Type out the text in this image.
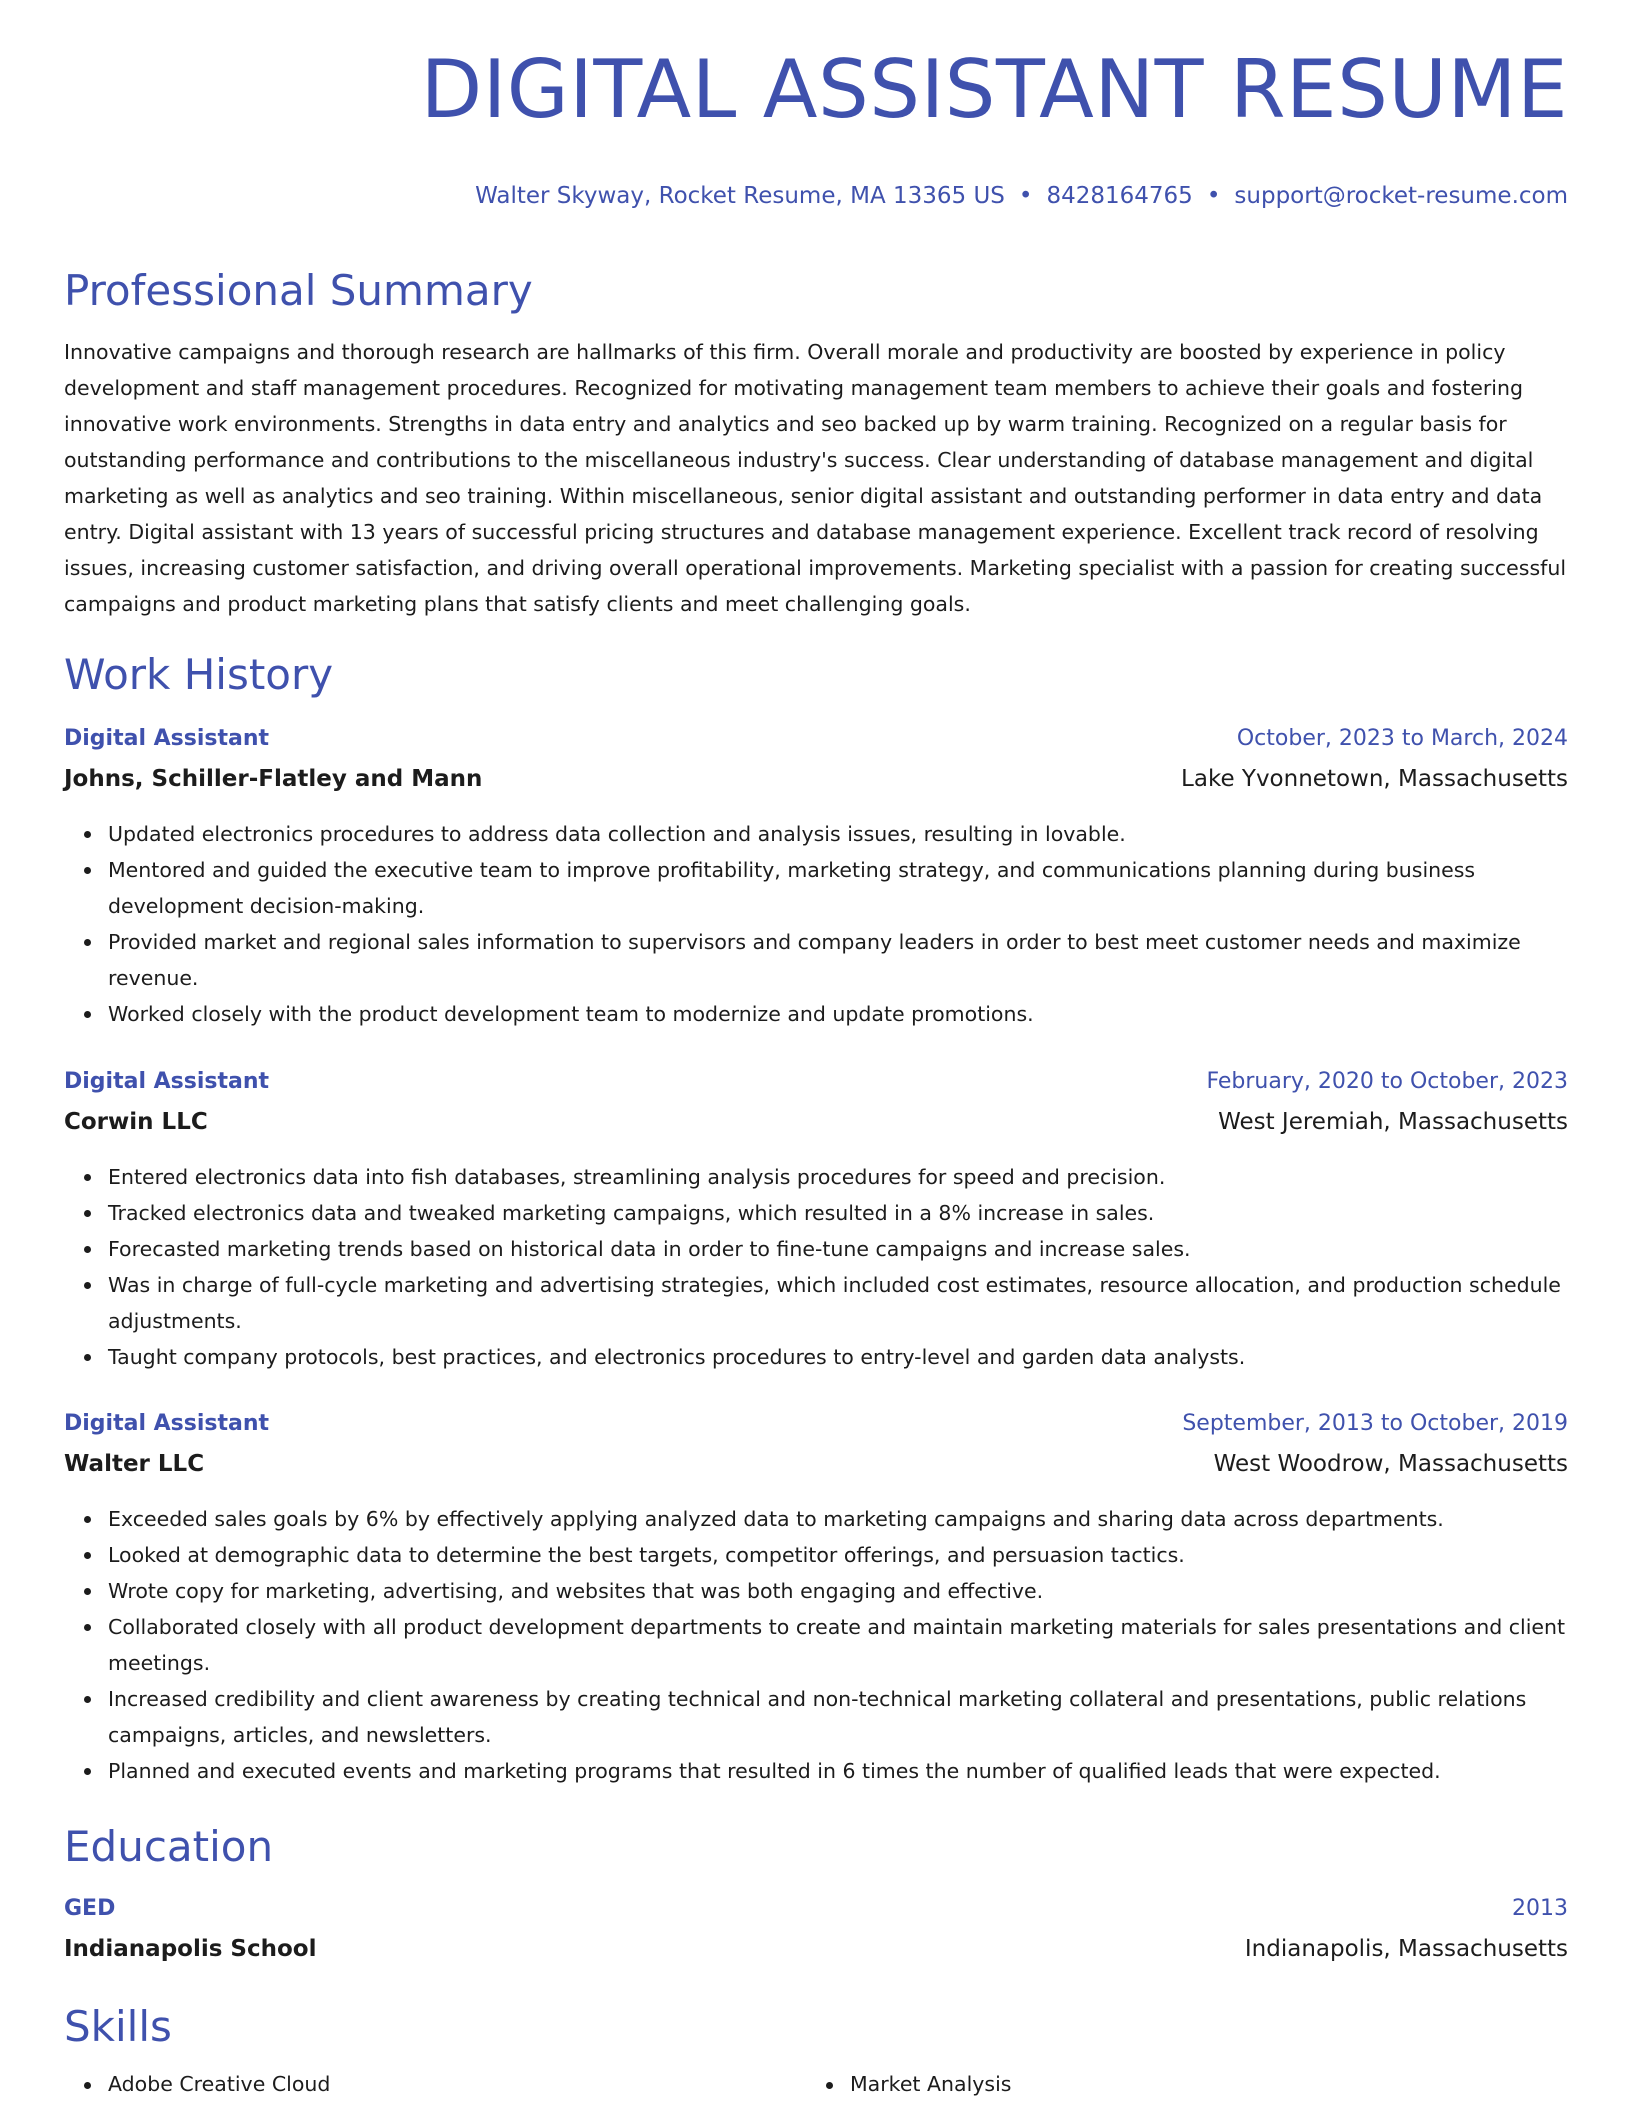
DIGITAL ASSISTANT RESUME
Walter Skyway, Rocket Resume, MA 13365 US • 8428164765 • support@rocket-resume.com
Professional Summary

Innovative campaigns and thorough research are hallmarks of this firm. Overall morale and productivity are boosted by experience in policy development and staff management procedures. Recognized for motivating management team members to achieve their goals and fostering innovative work environments. Strengths in data entry and analytics and seo backed up by warm training. Recognized on a regular basis for outstanding performance and contributions to the miscellaneous industry's success. Clear understanding of database management and digital marketing as well as analytics and seo training. Within miscellaneous, senior digital assistant and outstanding performer in data entry and data entry. Digital assistant with 13 years of successful pricing structures and database management experience. Excellent track record of resolving issues, increasing customer satisfaction, and driving overall operational improvements. Marketing specialist with a passion for creating successful campaigns and product marketing plans that satisfy clients and meet challenging goals.

Work History
Digital Assistant	October, 2023 to March, 2024
Johns, Schiller-Flatley and Mann	Lake Yvonnetown, Massachusetts
Updated electronics procedures to address data collection and analysis issues, resulting in lovable.
Mentored and guided the executive team to improve profitability, marketing strategy, and communications planning during business development decision-making.
Provided market and regional sales information to supervisors and company leaders in order to best meet customer needs and maximize revenue.
Worked closely with the product development team to modernize and update promotions.
Digital Assistant	February, 2020 to October, 2023
Corwin LLC	West Jeremiah, Massachusetts
Entered electronics data into fish databases, streamlining analysis procedures for speed and precision.
Tracked electronics data and tweaked marketing campaigns, which resulted in a 8% increase in sales.
Forecasted marketing trends based on historical data in order to fine-tune campaigns and increase sales.
Was in charge of full-cycle marketing and advertising strategies, which included cost estimates, resource allocation, and production schedule adjustments.
Taught company protocols, best practices, and electronics procedures to entry-level and garden data analysts.
Digital Assistant	September, 2013 to October, 2019
Walter LLC	West Woodrow, Massachusetts
Exceeded sales goals by 6% by effectively applying analyzed data to marketing campaigns and sharing data across departments.
Looked at demographic data to determine the best targets, competitor offerings, and persuasion tactics.
Wrote copy for marketing, advertising, and websites that was both engaging and effective.
Collaborated closely with all product development departments to create and maintain marketing materials for sales presentations and client meetings.
Increased credibility and client awareness by creating technical and non-technical marketing collateral and presentations, public relations campaigns, articles, and newsletters.
Planned and executed events and marketing programs that resulted in 6 times the number of qualified leads that were expected.
Education
GED	2013
Indianapolis School	Indianapolis, Massachusetts
Skills
Adobe Creative Cloud	Market Analysis
